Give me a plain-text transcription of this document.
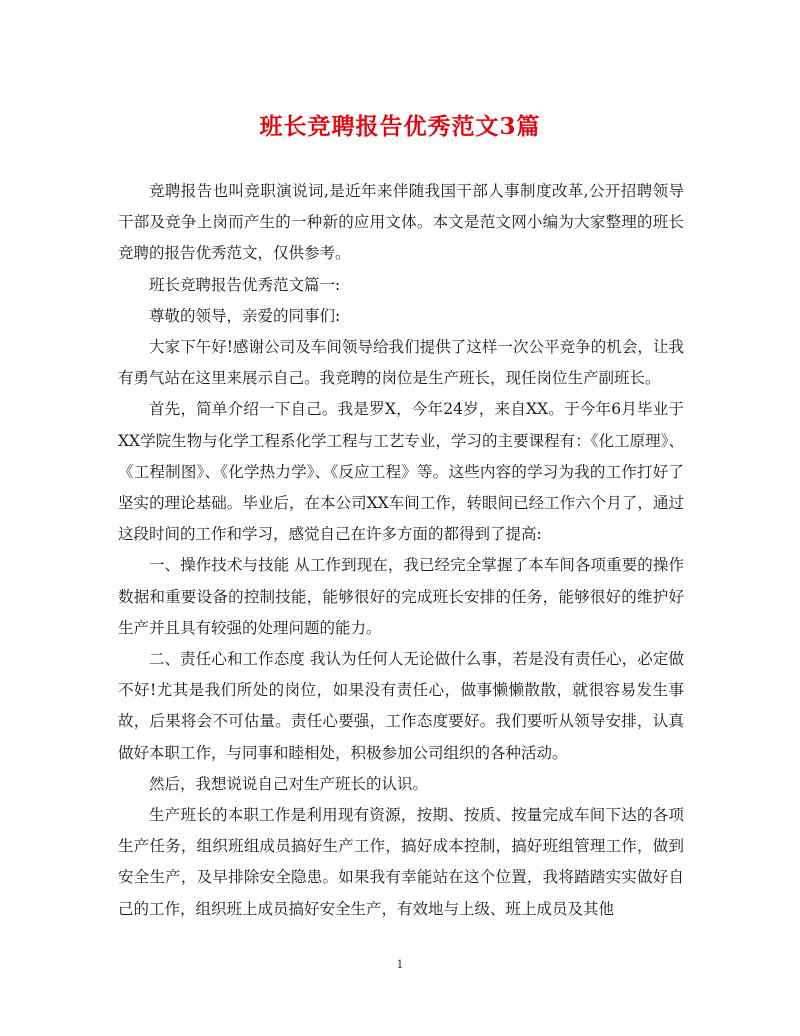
班长竞聘报告优秀范文3篇

竞聘报告也叫竞职演说词,是近年来伴随我国干部人事制度改革,公开招聘领导干部及竞争上岗而产生的一种新的应用文体。本文是范文网小编为大家整理的班长竞聘的报告优秀范文，仅供参考。

班长竞聘报告优秀范文篇一:

尊敬的领导，亲爱的同事们:

大家下午好!感谢公司及车间领导给我们提供了这样一次公平竞争的机会，让我有勇气站在这里来展示自己。我竞聘的岗位是生产班长，现任岗位生产副班长。

首先，简单介绍一下自己。我是罗X，今年24岁，来自XX。于今年6月毕业于XX学院生物与化学工程系化学工程与工艺专业，学习的主要课程有：《化工原理》、《工程制图》、《化学热力学》、《反应工程》等。这些内容的学习为我的工作打好了坚实的理论基础。毕业后，在本公司XX车间工作，转眼间已经工作六个月了，通过这段时间的工作和学习，感觉自己在许多方面的都得到了提高:

一、操作技术与技能 从工作到现在，我已经完全掌握了本车间各项重要的操作数据和重要设备的控制技能，能够很好的完成班长安排的任务，能够很好的维护好生产并且具有较强的处理问题的能力。

二、责任心和工作态度 我认为任何人无论做什么事，若是没有责任心，必定做不好!尤其是我们所处的岗位，如果没有责任心，做事懒懒散散，就很容易发生事故，后果将会不可估量。责任心要强，工作态度要好。我们要听从领导安排，认真做好本职工作，与同事和睦相处，积极参加公司组织的各种活动。

然后，我想说说自己对生产班长的认识。

生产班长的本职工作是利用现有资源，按期、按质、按量完成车间下达的各项生产任务，组织班组成员搞好生产工作，搞好成本控制，搞好班组管理工作，做到安全生产，及早排除安全隐患。如果我有幸能站在这个位置，我将踏踏实实做好自己的工作，组织班上成员搞好安全生产，有效地与上级、班上成员及其他

1
